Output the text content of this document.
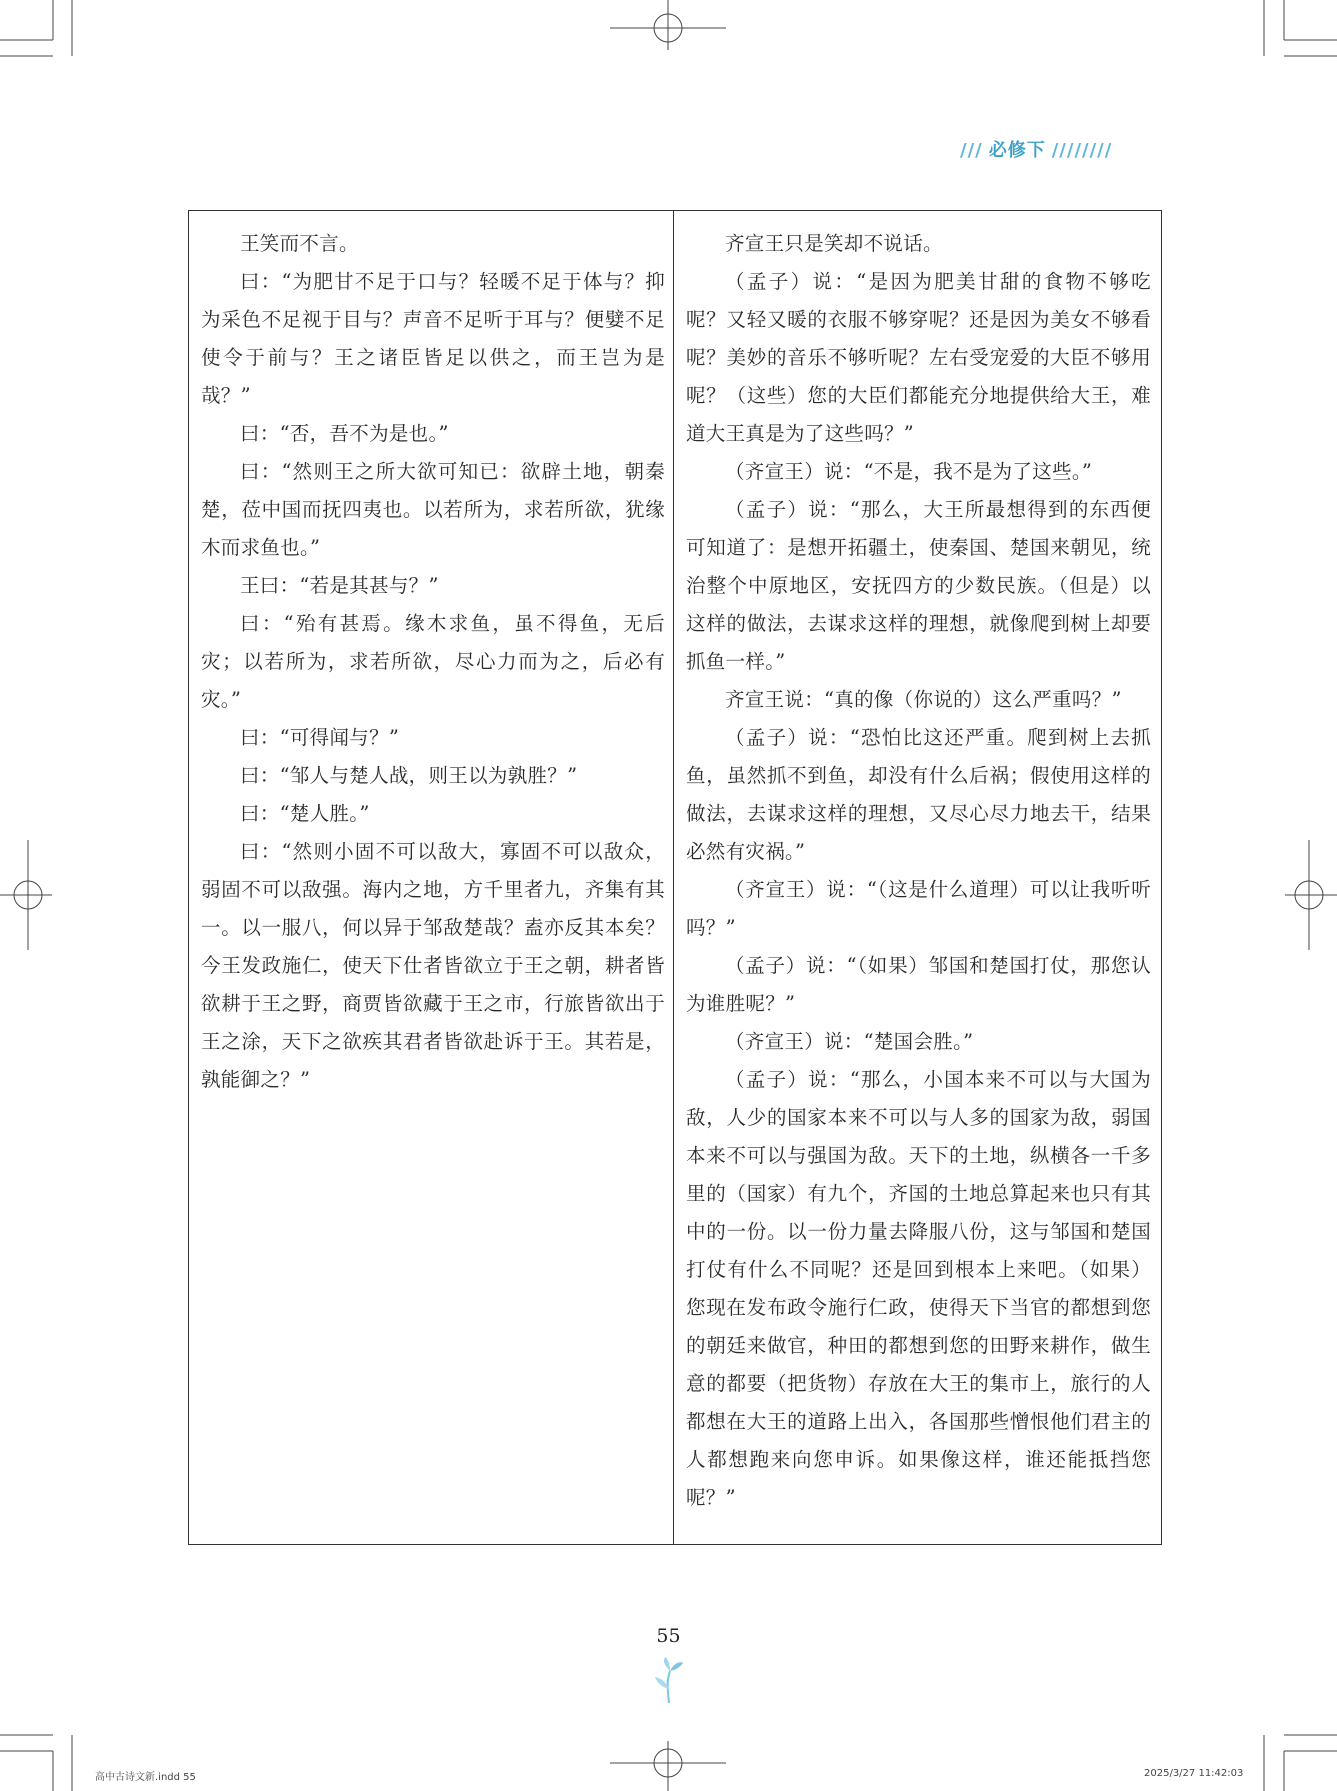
/// 必修下 ////////

王笑而不言。

曰：“为肥甘不足于口与？轻暖不足于体与？抑为采色不足视于目与？声音不足听于耳与？便嬖不足使令于前与？王之诸臣皆足以供之，而王岂为是哉？”

曰：“否，吾不为是也。”

曰：“然则王之所大欲可知已：欲辟土地，朝秦楚，莅中国而抚四夷也。以若所为，求若所欲，犹缘木而求鱼也。”

王曰：“若是其甚与？”

曰：“殆有甚焉。缘木求鱼，虽不得鱼，无后灾；以若所为，求若所欲，尽心力而为之，后必有灾。”

曰：“可得闻与？”

曰：“邹人与楚人战，则王以为孰胜？”

曰：“楚人胜。”

曰：“然则小固不可以敌大，寡固不可以敌众，弱固不可以敌强。海内之地，方千里者九，齐集有其一。以一服八，何以异于邹敌楚哉？盍亦反其本矣？今王发政施仁，使天下仕者皆欲立于王之朝，耕者皆欲耕于王之野，商贾皆欲藏于王之市，行旅皆欲出于王之涂，天下之欲疾其君者皆欲赴诉于王。其若是，孰能御之？”

齐宣王只是笑却不说话。

（孟子）说：“是因为肥美甘甜的食物不够吃呢？又轻又暖的衣服不够穿呢？还是因为美女不够看呢？美妙的音乐不够听呢？左右受宠爱的大臣不够用呢？（这些）您的大臣们都能充分地提供给大王，难道大王真是为了这些吗？”

（齐宣王）说：“不是，我不是为了这些。”

（孟子）说：“那么，大王所最想得到的东西便可知道了：是想开拓疆土，使秦国、楚国来朝见，统治整个中原地区，安抚四方的少数民族。（但是）以这样的做法，去谋求这样的理想，就像爬到树上却要抓鱼一样。”

齐宣王说：“真的像（你说的）这么严重吗？”

（孟子）说：“恐怕比这还严重。爬到树上去抓鱼，虽然抓不到鱼，却没有什么后祸；假使用这样的做法，去谋求这样的理想，又尽心尽力地去干，结果必然有灾祸。”

（齐宣王）说：“（这是什么道理）可以让我听听吗？”

（孟子）说：“（如果）邹国和楚国打仗，那您认为谁胜呢？”

（齐宣王）说：“楚国会胜。”

（孟子）说：“那么，小国本来不可以与大国为敌，人少的国家本来不可以与人多的国家为敌，弱国本来不可以与强国为敌。天下的土地，纵横各一千多里的（国家）有九个，齐国的土地总算起来也只有其中的一份。以一份力量去降服八份，这与邹国和楚国打仗有什么不同呢？还是回到根本上来吧。（如果）您现在发布政令施行仁政，使得天下当官的都想到您的朝廷来做官，种田的都想到您的田野来耕作，做生意的都要（把货物）存放在大王的集市上，旅行的人都想在大王的道路上出入，各国那些憎恨他们君主的人都想跑来向您申诉。如果像这样，谁还能抵挡您呢？”

55
高中古诗文新.indd 55	2025/3/27 11:42:03
